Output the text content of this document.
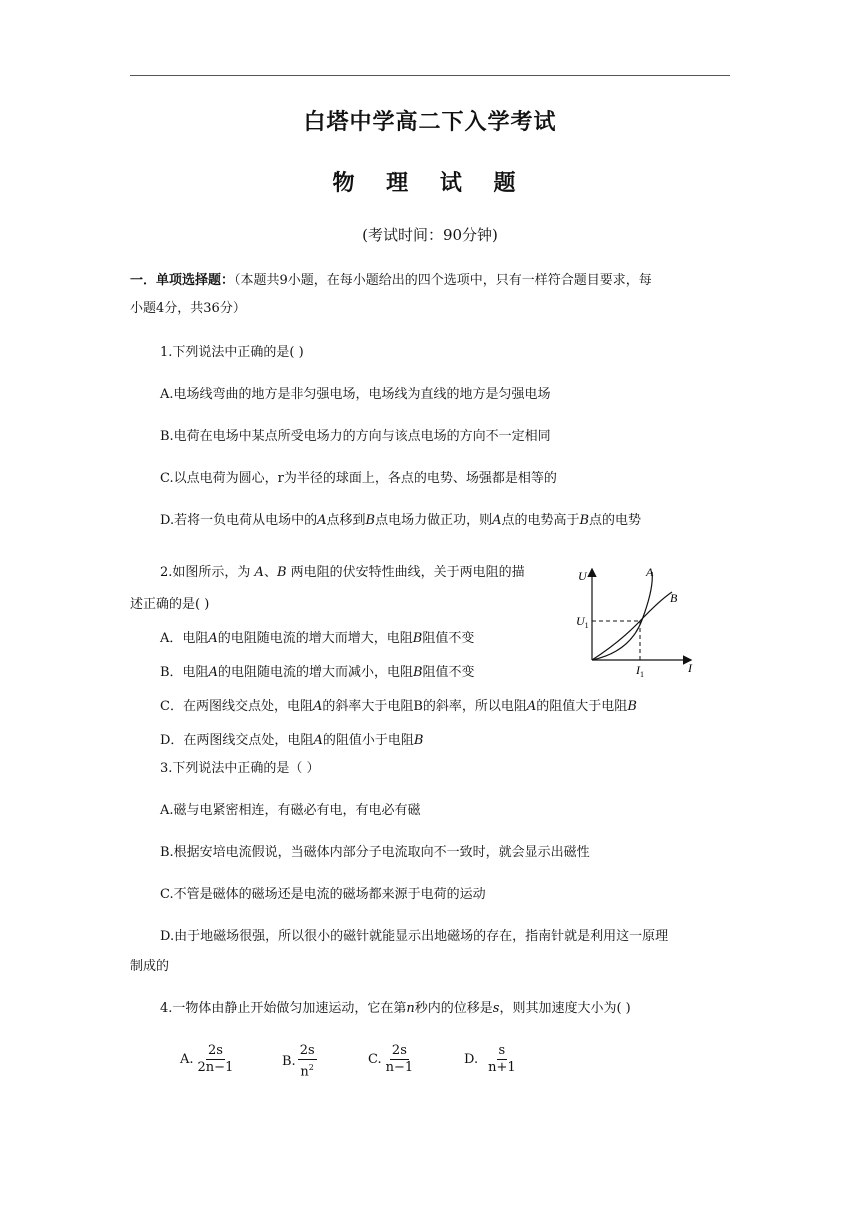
白塔中学高二下入学考试
物 理 试 题
(考试时间：90分钟)
一．单项选择题：（本题共9小题，在每小题给出的四个选项中，只有一样符合题目要求，每
小题4分，共36分）
1.下列说法中正确的是( )
A.电场线弯曲的地方是非匀强电场，电场线为直线的地方是匀强电场
B.电荷在电场中某点所受电场力的方向与该点电场的方向不一定相同
C.以点电荷为圆心，r为半径的球面上，各点的电势、场强都是相等的
D.若将一负电荷从电场中的A点移到B点电场力做正功，则A点的电势高于B点的电势
2.如图所示，为 A、B 两电阻的伏安特性曲线，关于两电阻的描
述正确的是( )
A．电阻A的电阻随电流的增大而增大，电阻B阻值不变
B．电阻A的电阻随电流的增大而减小，电阻B阻值不变
C．在两图线交点处，电阻A的斜率大于电阻B的斜率，所以电阻A的阻值大于电阻B
D．在两图线交点处，电阻A的阻值小于电阻B
U
I
A
B
$U_1$
$I_1$
3.下列说法中正确的是（ ）
A.磁与电紧密相连，有磁必有电，有电必有磁
B.根据安培电流假说，当磁体内部分子电流取向不一致时，就会显示出磁性
C.不管是磁体的磁场还是电流的磁场都来源于电荷的运动
D.由于地磁场很强，所以很小的磁针就能显示出地磁场的存在，指南针就是利用这一原理
制成的
4.一物体由静止开始做匀加速运动，它在第n秒内的位移是s，则其加速度大小为( )
A. $\frac{2s}{2n-1}$	B. $\frac{2s}{n^2}$	C. $\frac{2s}{n-1}$	D. $\frac{s}{n+1}$
